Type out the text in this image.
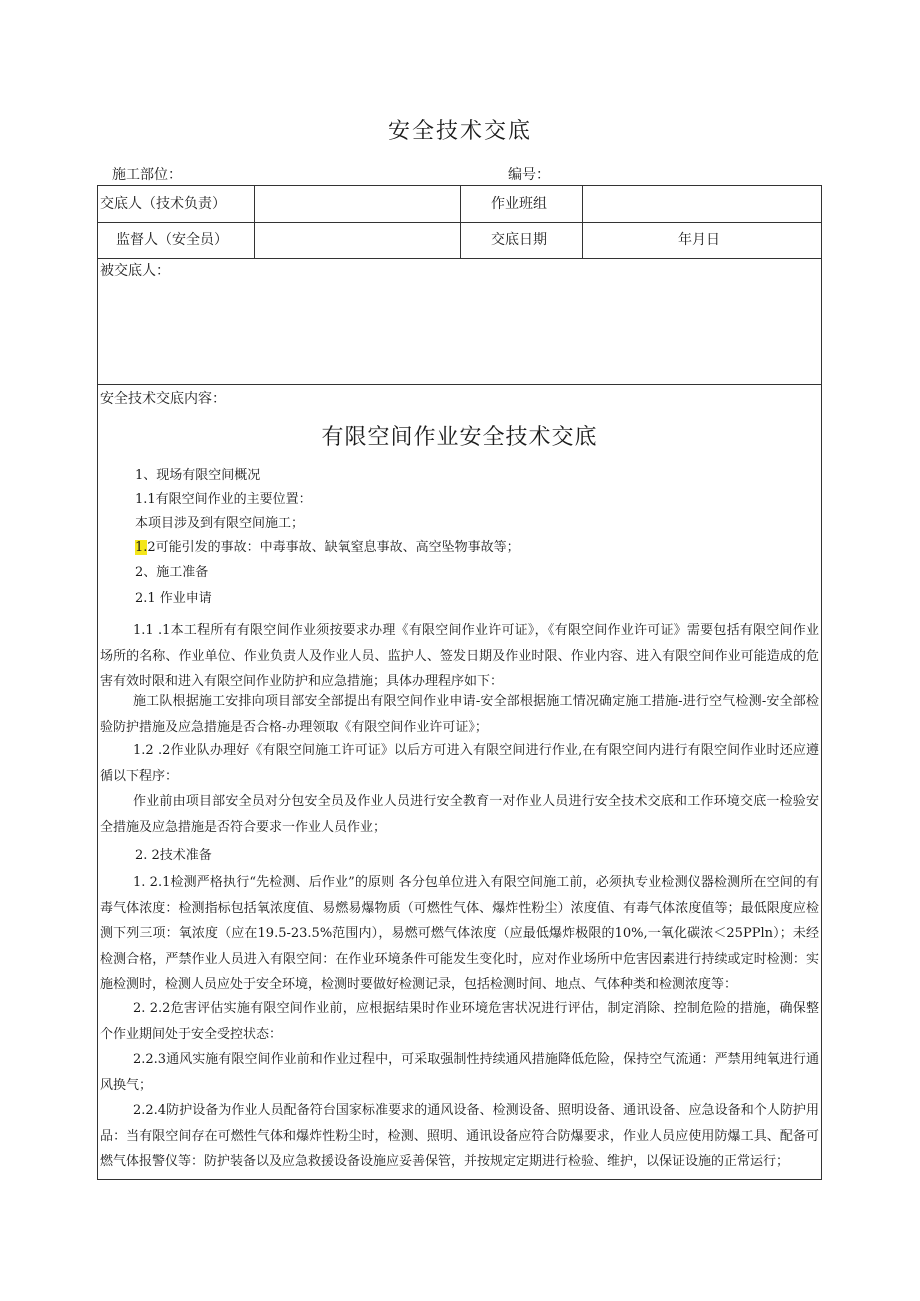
安全技术交底
施工部位：	编号：
交底人（技术负责）	作业班组
监督人（安全员）	交底日期	年月日
被交底人：
安全技术交底内容：
有限空间作业安全技术交底
1、现场有限空间概况
1.1有限空间作业的主要位置：
本项目涉及到有限空间施工；
1.2可能引发的事故：中毒事故、缺氧窒息事故、高空坠物事故等；
2、施工准备
2.1 作业申请
1.1 .1本工程所有有限空间作业须按要求办理《有限空间作业许可证》，《有限空间作业许可证》需要包括有限空间作业场所的名称、作业单位、作业负责人及作业人员、监护人、签发日期及作业时限、作业内容、进入有限空间作业可能造成的危害有效时限和进入有限空间作业防护和应急措施；具体办理程序如下：
施工队根据施工安排向项目部安全部提出有限空间作业申请-安全部根据施工情况确定施工措施-进行空气检测-安全部检验防护措施及应急措施是否合格-办理领取《有限空间作业许可证》；
1.2 .2作业队办理好《有限空间施工许可证》以后方可进入有限空间进行作业,在有限空间内进行有限空间作业时还应遵循以下程序：
作业前由项目部安全员对分包安全员及作业人员进行安全教育一对作业人员进行安全技术交底和工作环境交底一检验安全措施及应急措施是否符合要求一作业人员作业；
2. 2技术准备
1. 2.1检测严格执行“先检测、后作业”的原则 各分包单位进入有限空间施工前，必须执专业检测仪器检测所在空间的有毒气体浓度：检测指标包括氧浓度值、易燃易爆物质（可燃性气体、爆炸性粉尘）浓度值、有毒气体浓度值等；最低限度应检测下列三项：氧浓度（应在19.5-23.5%范围内），易燃可燃气体浓度（应最低爆炸极限的10%,一氧化碳浓＜25PPln）；未经检测合格，严禁作业人员进入有限空间：在作业环境条件可能发生变化时，应对作业场所中危害因素进行持续或定时检测：实施检测时，检测人员应处于安全环境，检测时要做好检测记录，包括检测时间、地点、气体种类和检测浓度等：
2. 2.2危害评估实施有限空间作业前，应根据结果时作业环境危害状况进行评估，制定消除、控制危险的措施，确保整个作业期间处于安全受控状态：
2.2.3通风实施有限空间作业前和作业过程中，可采取强制性持续通风措施降低危险，保持空气流通：严禁用纯氧进行通风换气；
2.2.4防护设备为作业人员配备符台国家标准要求的通风设备、检测设备、照明设备、通讯设备、应急设备和个人防护用品：当有限空间存在可燃性气体和爆炸性粉尘时，检测、照明、通讯设备应符合防爆要求，作业人员应使用防爆工具、配备可燃气体报警仪等：防护装备以及应急救援设备设施应妥善保管，并按规定定期进行检验、维护，以保证设施的正常运行；
